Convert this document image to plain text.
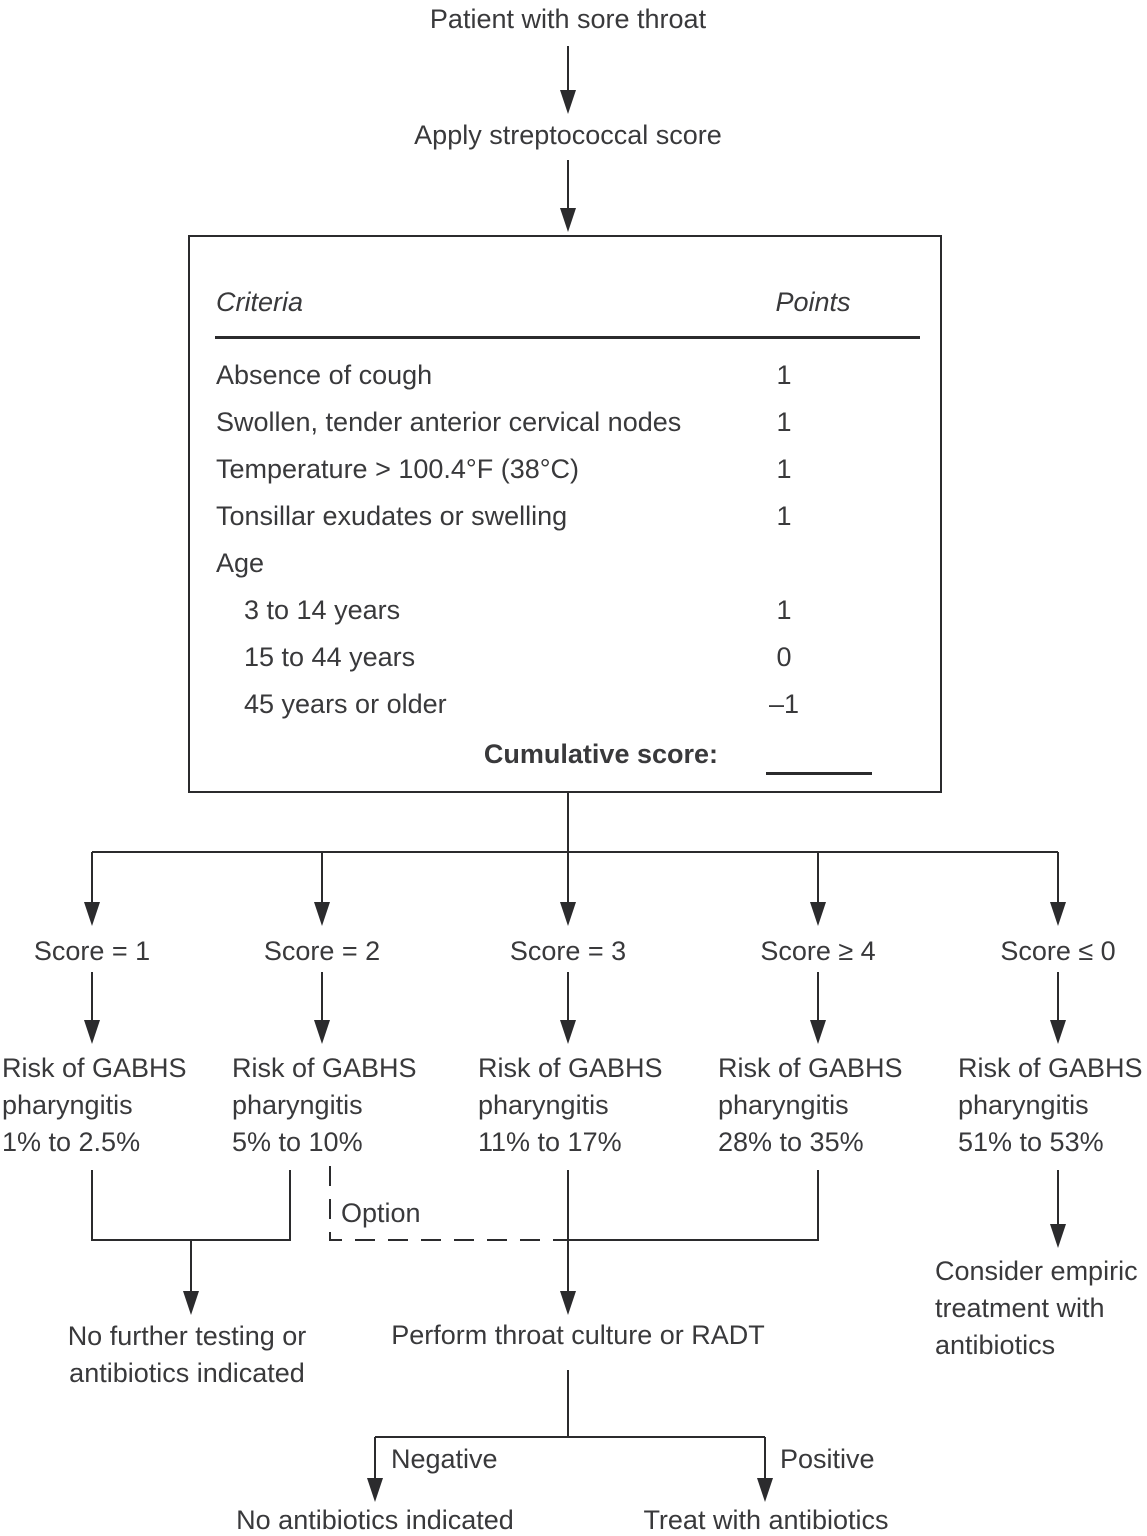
Patient with sore throat
Apply streptococcal score
Criteria	Points
Absence of cough	1
Swollen, tender anterior cervical nodes	1
Temperature > 100.4°F (38°C)	1
Tonsillar exudates or swelling	1
Age
3 to 14 years	1
15 to 44 years	0
45 years or older	–1
Cumulative score:
Score = 1	Score = 2	Score = 3	Score ≥ 4	Score ≤ 0
Risk of GABHS
pharyngitis
1% to 2.5%
Risk of GABHS
pharyngitis
5% to 10%
Risk of GABHS
pharyngitis
11% to 17%
Risk of GABHS
pharyngitis
28% to 35%
Risk of GABHS
pharyngitis
51% to 53%
Option
No further testing or
antibiotics indicated
Perform throat culture or RADT
Consider empiric
treatment with
antibiotics
Negative	Positive
No antibiotics indicated	Treat with antibiotics
